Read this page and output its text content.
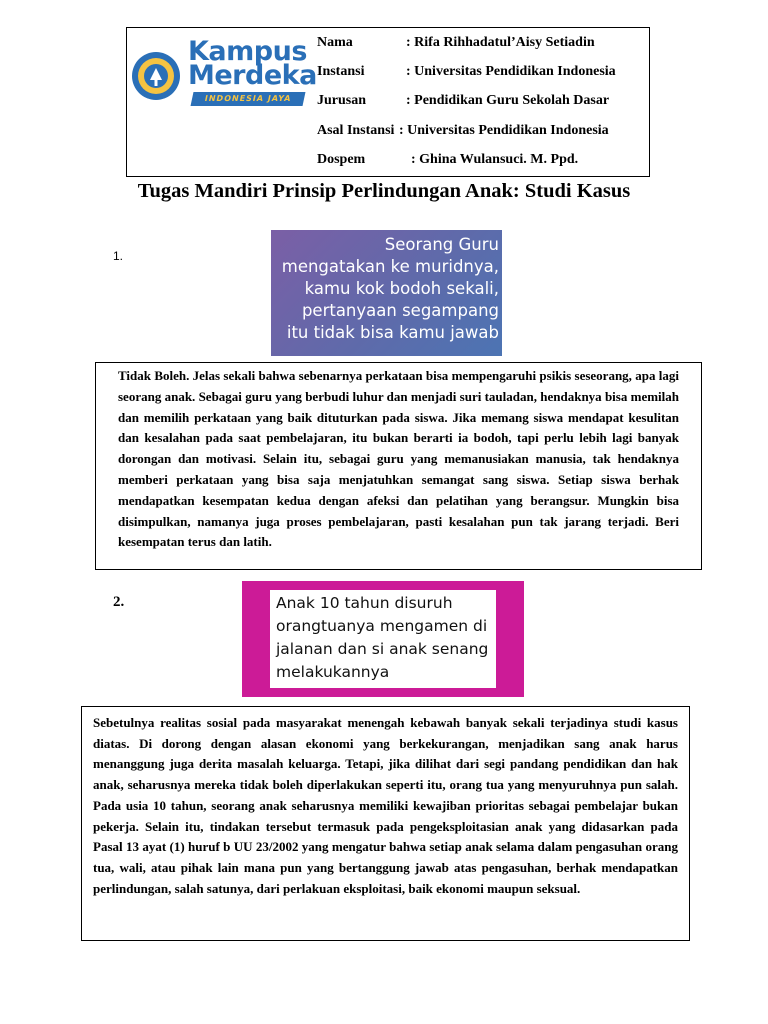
Kampus
Merdeka
INDONESIA JAYA
Nama	: Rifa Rihhadatul’Aisy Setiadin
Instansi	: Universitas Pendidikan Indonesia
Jurusan	: Pendidikan Guru Sekolah Dasar
Asal Instansi : Universitas Pendidikan Indonesia
Dospem	: Ghina Wulansuci. M. Ppd.
Tugas Mandiri Prinsip Perlindungan Anak: Studi Kasus
1.
Seorang Guru
mengatakan ke muridnya,
kamu kok bodoh sekali,
pertanyaan segampang
itu tidak bisa kamu jawab
Tidak Boleh. Jelas sekali bahwa sebenarnya perkataan bisa mempengaruhi psikis seseorang, apa lagi seorang anak. Sebagai guru yang berbudi luhur dan menjadi suri tauladan, hendaknya bisa memilah dan memilih perkataan yang baik dituturkan pada siswa. Jika memang siswa mendapat kesulitan dan kesalahan pada saat pembelajaran, itu bukan berarti ia bodoh, tapi perlu lebih lagi banyak dorongan dan motivasi. Selain itu, sebagai guru yang memanusiakan manusia, tak hendaknya memberi perkataan yang bisa saja menjatuhkan semangat sang siswa. Setiap siswa berhak mendapatkan kesempatan kedua dengan afeksi dan pelatihan yang berangsur. Mungkin bisa disimpulkan, namanya juga proses pembelajaran, pasti kesalahan pun tak jarang terjadi. Beri kesempatan terus dan latih.
2.	Anak 10 tahun disuruh
orangtuanya mengamen di
jalanan dan si anak senang
melakukannya
Sebetulnya realitas sosial pada masyarakat menengah kebawah banyak sekali terjadinya studi kasus diatas. Di dorong dengan alasan ekonomi yang berkekurangan, menjadikan sang anak harus menanggung juga derita masalah keluarga. Tetapi, jika dilihat dari segi pandang pendidikan dan hak anak, seharusnya mereka tidak boleh diperlakukan seperti itu, orang tua yang menyuruhnya pun salah. Pada usia 10 tahun, seorang anak seharusnya memiliki kewajiban prioritas sebagai pembelajar bukan pekerja. Selain itu, tindakan tersebut termasuk pada pengeksploitasian anak yang didasarkan pada Pasal 13 ayat (1) huruf b UU 23/2002 yang mengatur bahwa setiap anak selama dalam pengasuhan orang tua, wali, atau pihak lain mana pun yang bertanggung jawab atas pengasuhan, berhak mendapatkan perlindungan, salah satunya, dari perlakuan eksploitasi, baik ekonomi maupun seksual.
